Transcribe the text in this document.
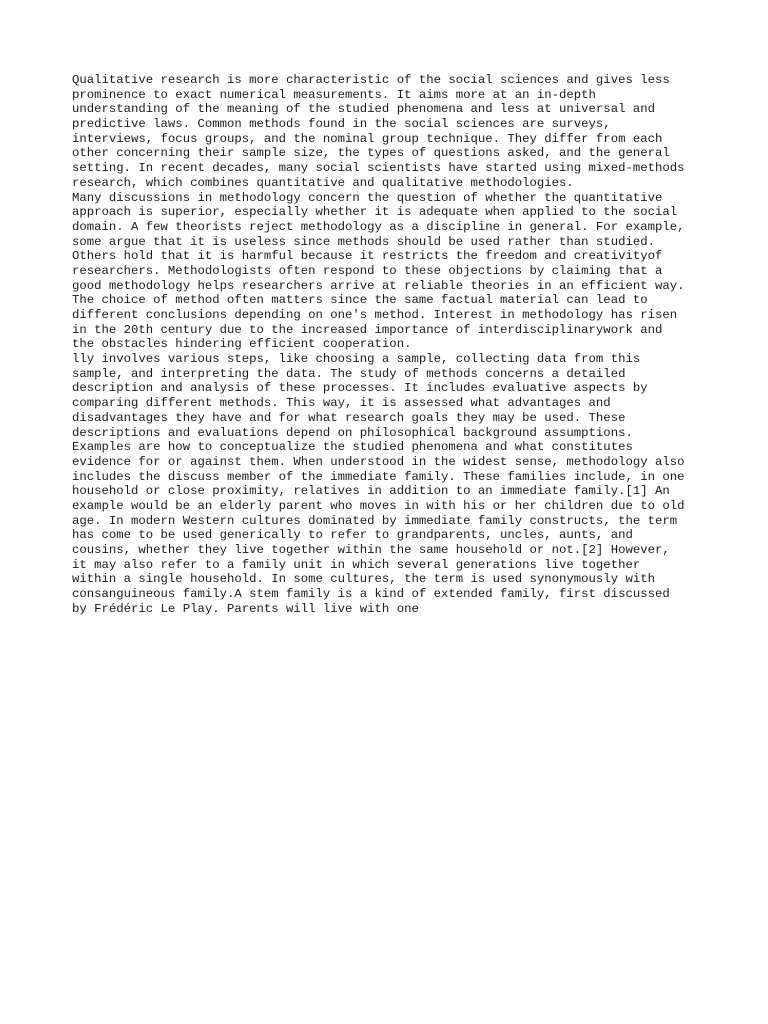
Qualitative research is more characteristic of the social sciences and gives less
prominence to exact numerical measurements. It aims more at an in-depth
understanding of the meaning of the studied phenomena and less at universal and
predictive laws. Common methods found in the social sciences are surveys,
interviews, focus groups, and the nominal group technique. They differ from each
other concerning their sample size, the types of questions asked, and the general
setting. In recent decades, many social scientists have started using mixed-methods
research, which combines quantitative and qualitative methodologies.
Many discussions in methodology concern the question of whether the quantitative
approach is superior, especially whether it is adequate when applied to the social
domain. A few theorists reject methodology as a discipline in general. For example,
some argue that it is useless since methods should be used rather than studied.
Others hold that it is harmful because it restricts the freedom and creativityof
researchers. Methodologists often respond to these objections by claiming that a
good methodology helps researchers arrive at reliable theories in an efficient way.
The choice of method often matters since the same factual material can lead to
different conclusions depending on one's method. Interest in methodology has risen
in the 20th century due to the increased importance of interdisciplinarywork and
the obstacles hindering efficient cooperation.
lly involves various steps, like choosing a sample, collecting data from this
sample, and interpreting the data. The study of methods concerns a detailed
description and analysis of these processes. It includes evaluative aspects by
comparing different methods. This way, it is assessed what advantages and
disadvantages they have and for what research goals they may be used. These
descriptions and evaluations depend on philosophical background assumptions.
Examples are how to conceptualize the studied phenomena and what constitutes
evidence for or against them. When understood in the widest sense, methodology also
includes the discuss member of the immediate family. These families include, in one
household or close proximity, relatives in addition to an immediate family.[1] An
example would be an elderly parent who moves in with his or her children due to old
age. In modern Western cultures dominated by immediate family constructs, the term
has come to be used generically to refer to grandparents, uncles, aunts, and
cousins, whether they live together within the same household or not.[2] However,
it may also refer to a family unit in which several generations live together
within a single household. In some cultures, the term is used synonymously with
consanguineous family.A stem family is a kind of extended family, first discussed
by Frédéric Le Play. Parents will live with one
